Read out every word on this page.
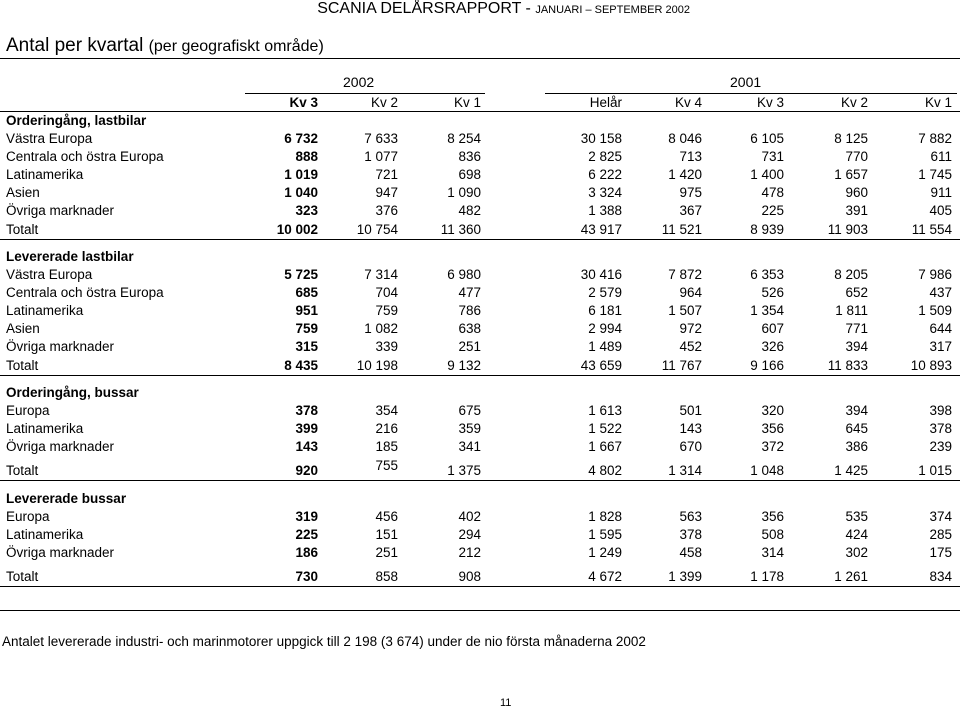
SCANIA DELÅRSRAPPORT - JANUARI – SEPTEMBER 2002
Antal per kvartal (per geografiskt område)
2002	2001
Kv 3	Kv 2	Kv 1	Helår	Kv 4	Kv 3	Kv 2	Kv 1
Orderingång, lastbilar
Västra Europa	6 732	7 633	8 254	30 158	8 046	6 105	8 125	7 882
Centrala och östra Europa	888	1 077	836	2 825	713	731	770	611
Latinamerika	1 019	721	698	6 222	1 420	1 400	1 657	1 745
Asien	1 040	947	1 090	3 324	975	478	960	911
Övriga marknader	323	376	482	1 388	367	225	391	405
Totalt	10 002	10 754	11 360	43 917	11 521	8 939	11 903	11 554
Levererade lastbilar
Västra Europa	5 725	7 314	6 980	30 416	7 872	6 353	8 205	7 986
Centrala och östra Europa	685	704	477	2 579	964	526	652	437
Latinamerika	951	759	786	6 181	1 507	1 354	1 811	1 509
Asien	759	1 082	638	2 994	972	607	771	644
Övriga marknader	315	339	251	1 489	452	326	394	317
Totalt	8 435	10 198	9 132	43 659	11 767	9 166	11 833	10 893
Orderingång, bussar
Europa	378	354	675	1 613	501	320	394	398
Latinamerika	399	216	359	1 522	143	356	645	378
Övriga marknader	143	185	341	1 667	670	372	386	239
Totalt	920	755	1 375	4 802	1 314	1 048	1 425	1 015
Levererade bussar
Europa	319	456	402	1 828	563	356	535	374
Latinamerika	225	151	294	1 595	378	508	424	285
Övriga marknader	186	251	212	1 249	458	314	302	175
Totalt	730	858	908	4 672	1 399	1 178	1 261	834
Antalet levererade industri- och marinmotorer uppgick till 2 198 (3 674) under de nio första månaderna 2002
11
